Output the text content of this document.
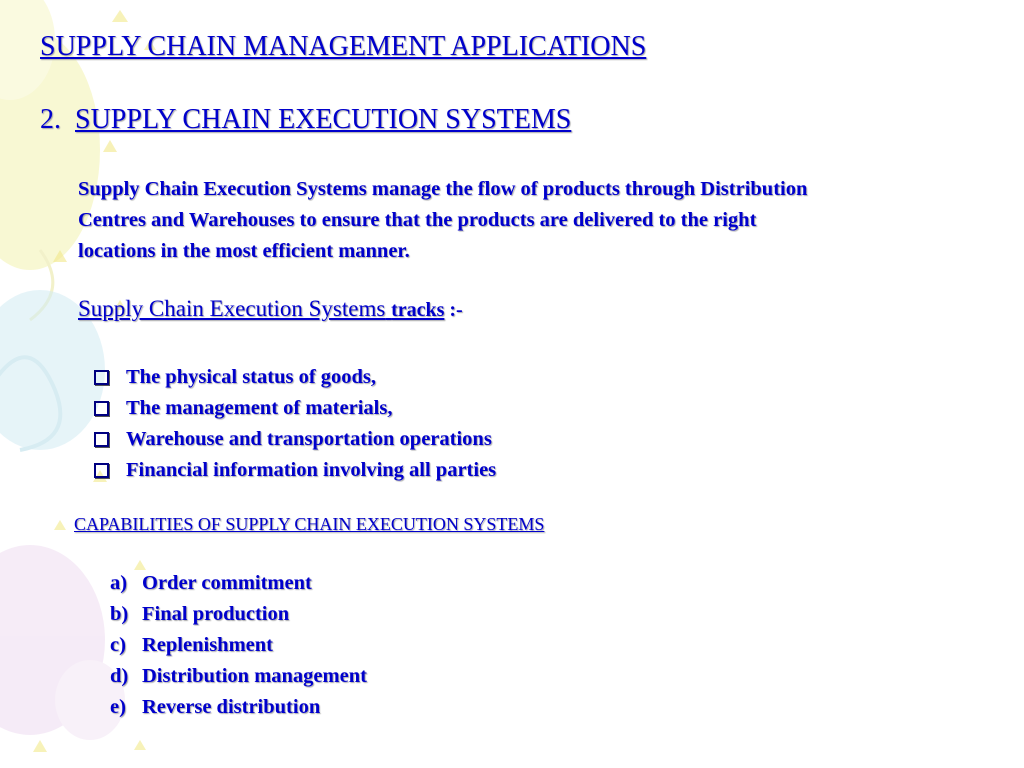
SUPPLY CHAIN MANAGEMENT APPLICATIONS
2. SUPPLY CHAIN EXECUTION SYSTEMS
Supply Chain Execution Systems manage the flow of products through Distribution
Centres and Warehouses to ensure that the products are delivered to the right
locations in the most efficient manner.
Supply Chain Execution Systems tracks :-
The physical status of goods,
The management of materials,
Warehouse and transportation operations
Financial information involving all parties
CAPABILITIES OF SUPPLY CHAIN EXECUTION SYSTEMS
a) Order commitment
b) Final production
c) Replenishment
d) Distribution management
e) Reverse distribution
